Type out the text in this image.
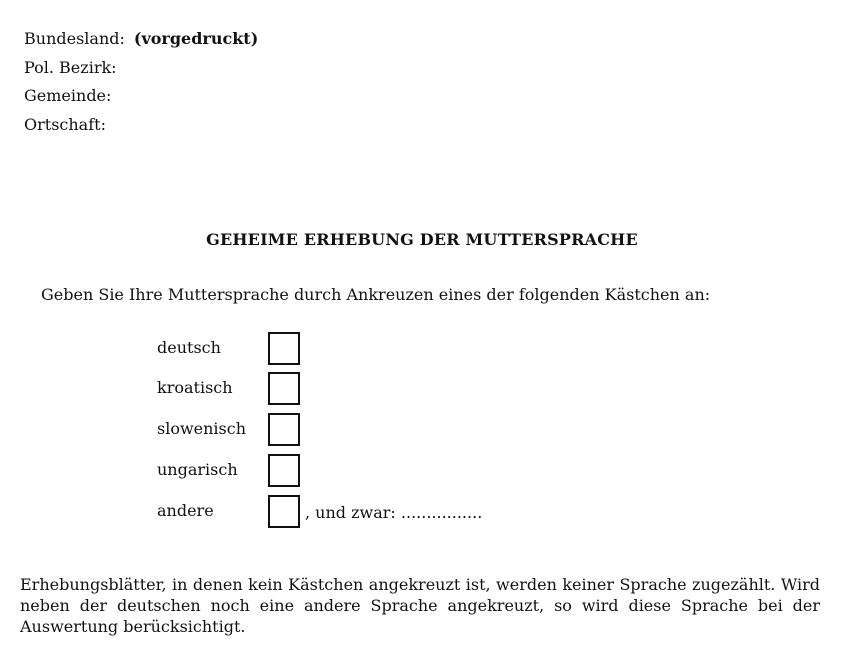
Bundesland: (vorgedruckt)
Pol. Bezirk:
Gemeinde:
Ortschaft:
GEHEIME ERHEBUNG DER MUTTERSPRACHE
Geben Sie Ihre Muttersprache durch Ankreuzen eines der folgenden Kästchen an:
deutsch
kroatisch
slowenisch
ungarisch
andere	, und zwar: ................
Erhebungsblätter, in denen kein Kästchen angekreuzt ist, werden keiner Sprache zugezählt. Wird neben der deutschen noch eine andere Sprache angekreuzt, so wird diese Sprache bei der Auswertung berücksichtigt.
